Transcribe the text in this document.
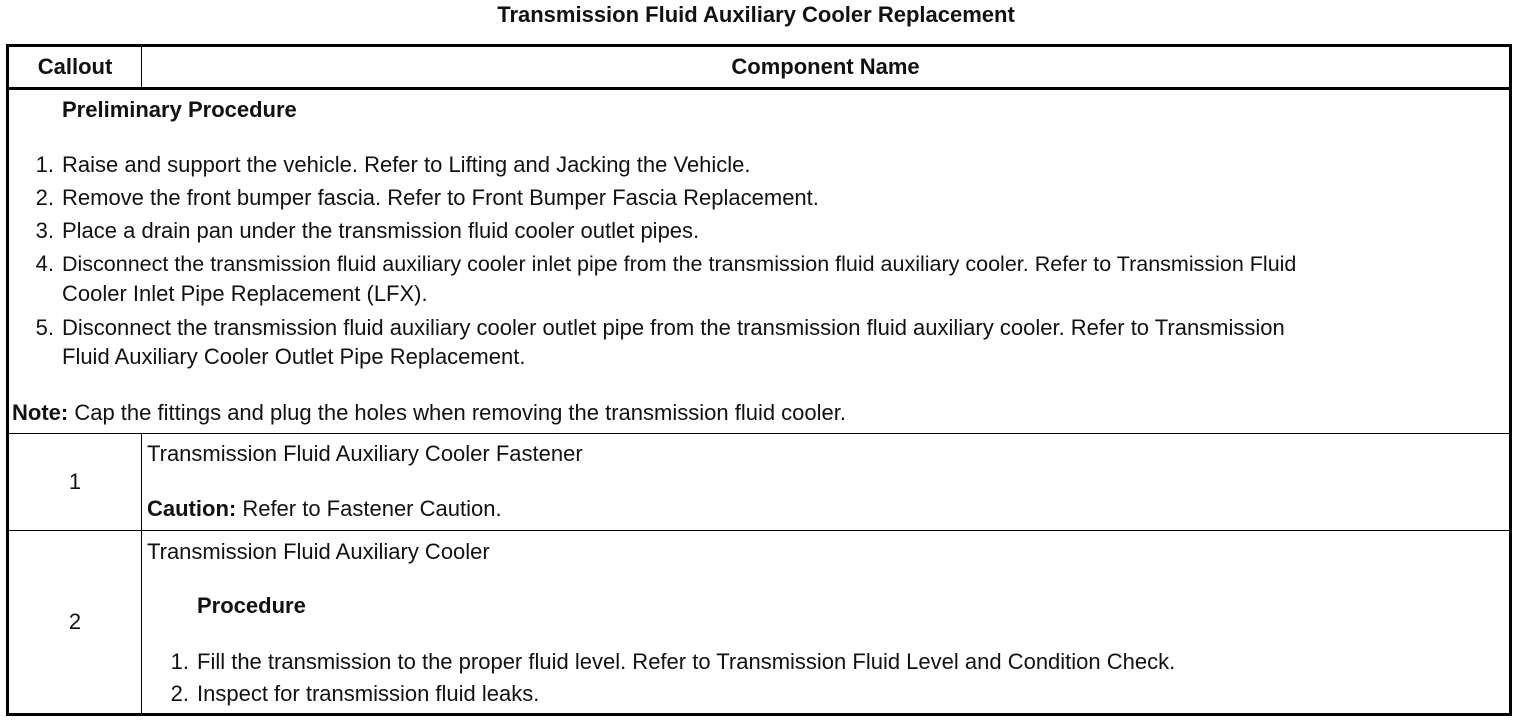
Transmission Fluid Auxiliary Cooler Replacement
Callout	Component Name
Preliminary Procedure
1. Raise and support the vehicle. Refer to Lifting and Jacking the Vehicle.
2. Remove the front bumper fascia. Refer to Front Bumper Fascia Replacement.
3. Place a drain pan under the transmission fluid cooler outlet pipes.
4. Disconnect the transmission fluid auxiliary cooler inlet pipe from the transmission fluid auxiliary cooler. Refer to Transmission Fluid
Cooler Inlet Pipe Replacement (LFX).
5. Disconnect the transmission fluid auxiliary cooler outlet pipe from the transmission fluid auxiliary cooler. Refer to Transmission
Fluid Auxiliary Cooler Outlet Pipe Replacement.
Note: Cap the fittings and plug the holes when removing the transmission fluid cooler.
1
Transmission Fluid Auxiliary Cooler Fastener
Caution: Refer to Fastener Caution.
2
Transmission Fluid Auxiliary Cooler
Procedure
1. Fill the transmission to the proper fluid level. Refer to Transmission Fluid Level and Condition Check.
2. Inspect for transmission fluid leaks.
